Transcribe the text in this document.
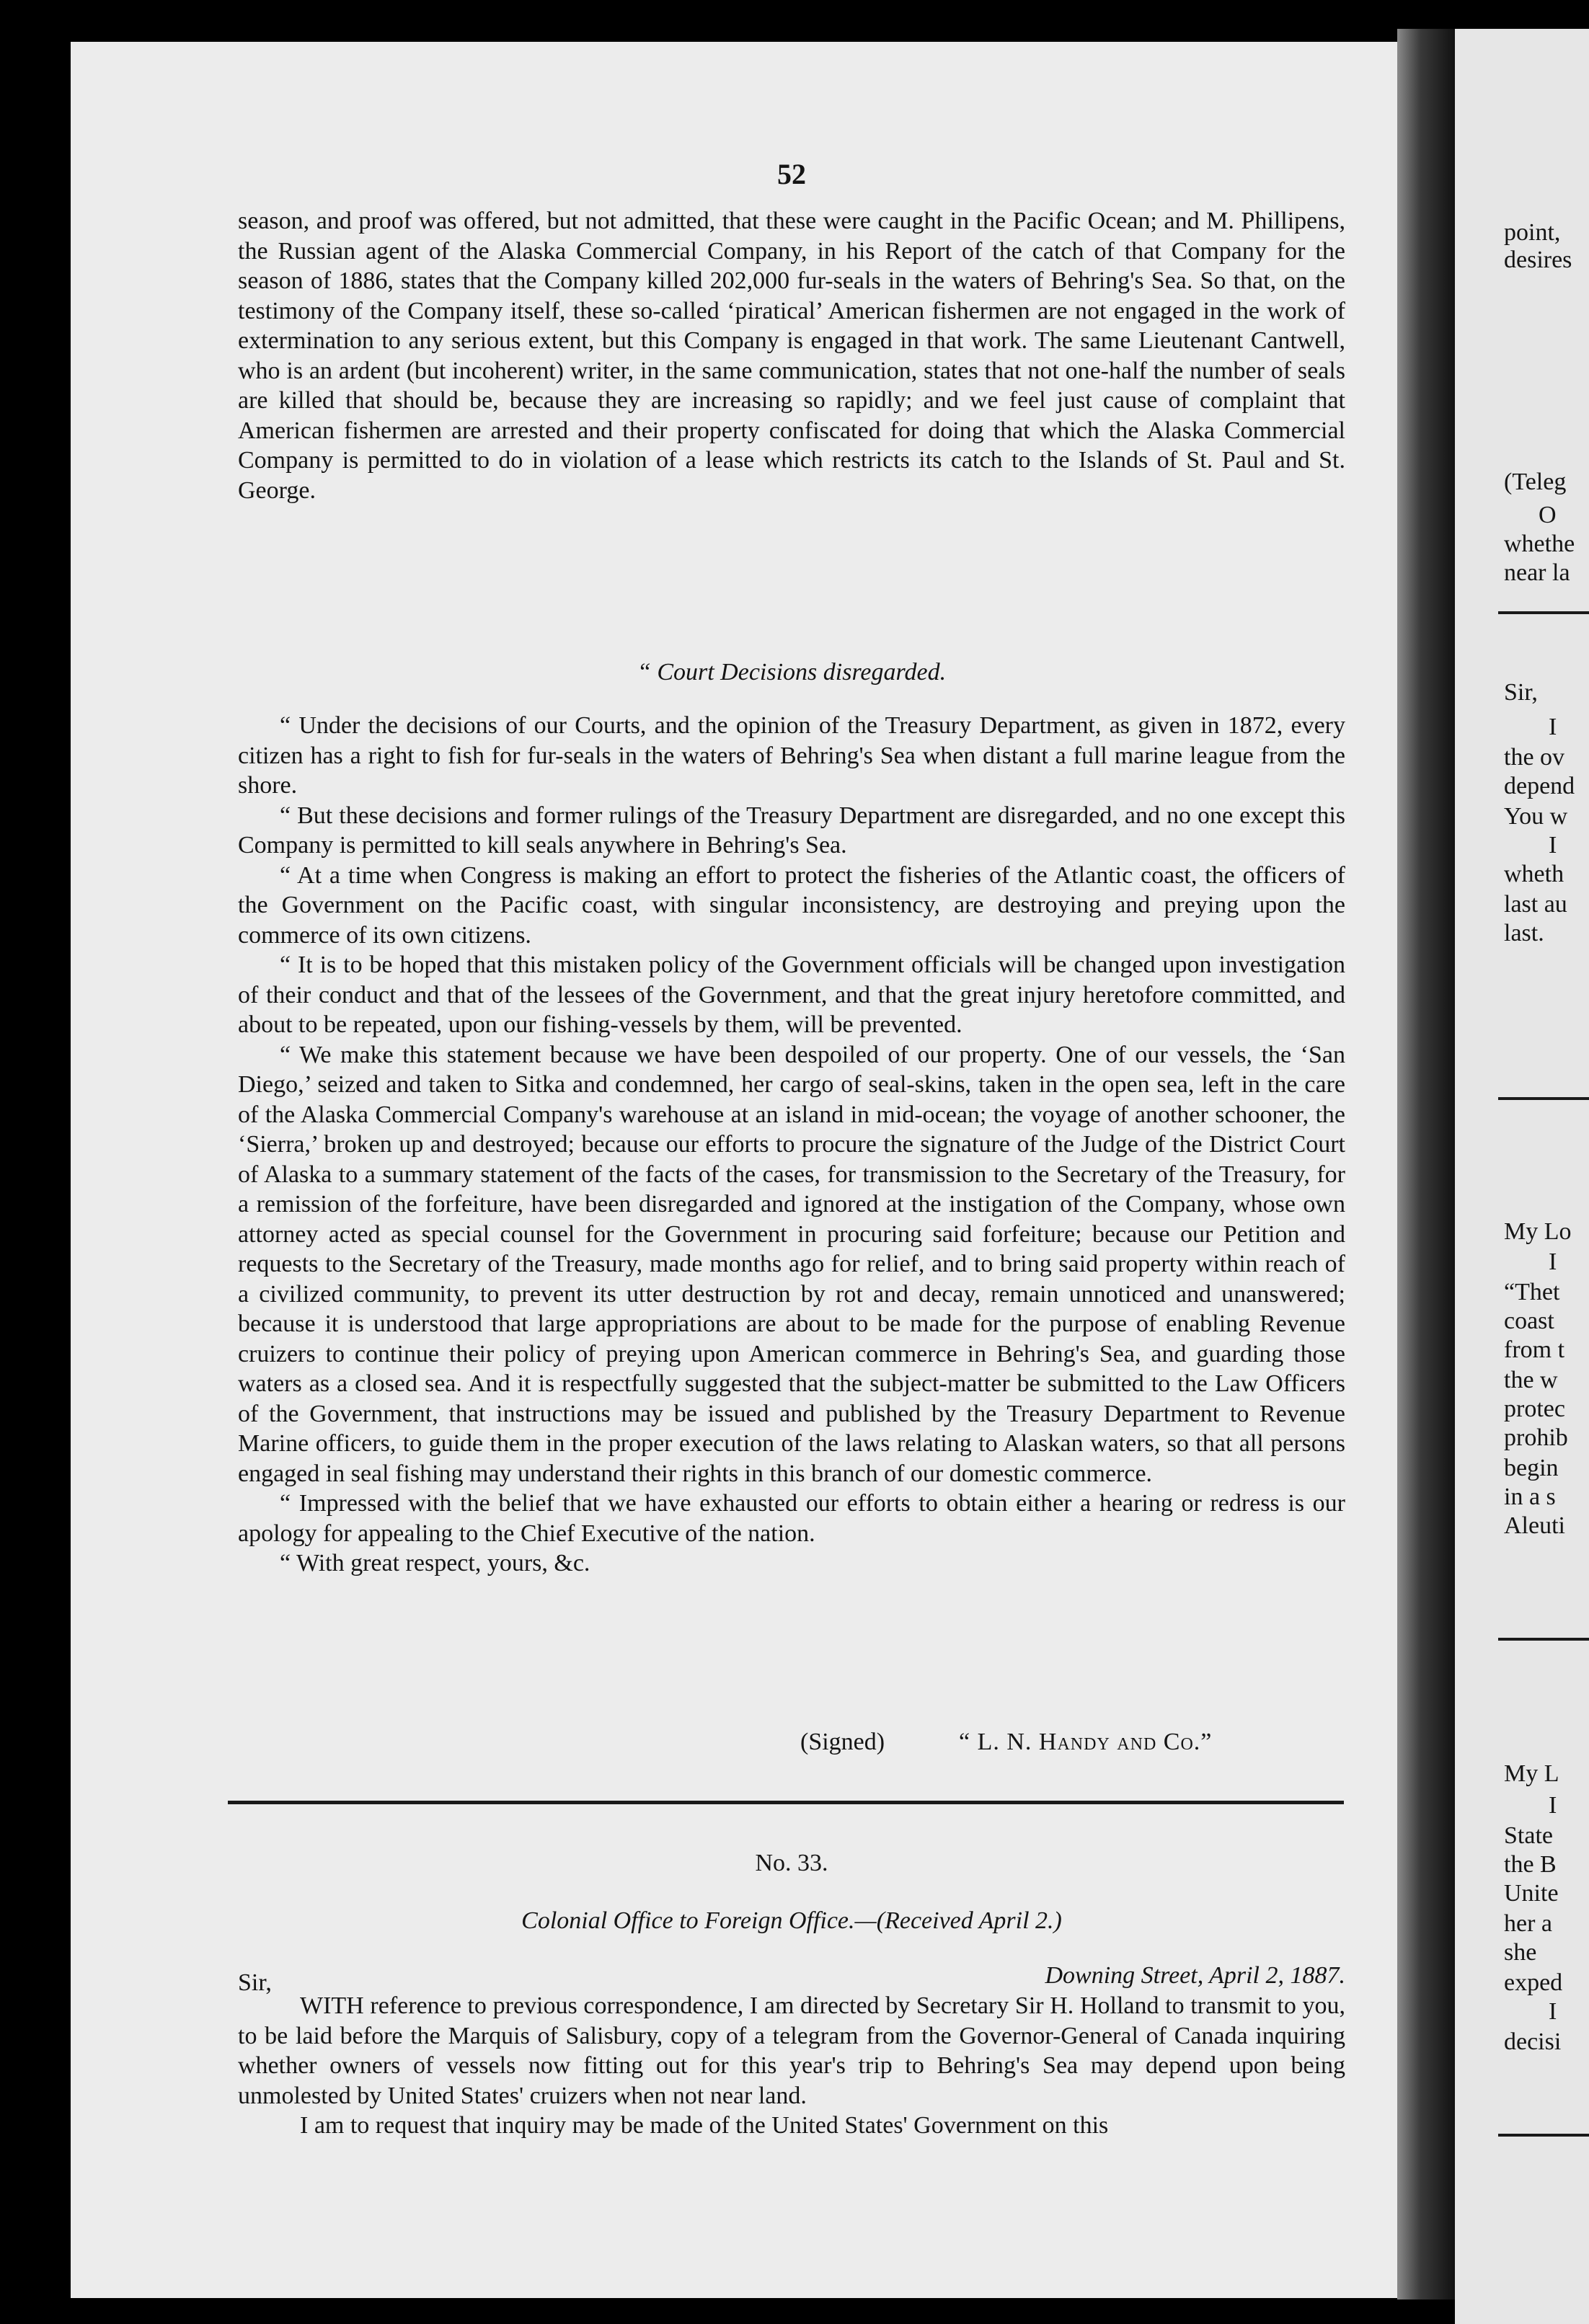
52

season, and proof was offered, but not admitted, that these were caught in the Pacific Ocean; and M. Phillipens, the Russian agent of the Alaska Commercial Company, in his Report of the catch of that Company for the season of 1886, states that the Company killed 202,000 fur-seals in the waters of Behring's Sea. So that, on the testimony of the Company itself, these so-called ‘piratical’ American fishermen are not engaged in the work of extermination to any serious extent, but this Company is engaged in that work. The same Lieutenant Cantwell, who is an ardent (but incoherent) writer, in the same communication, states that not one-half the number of seals are killed that should be, because they are increasing so rapidly; and we feel just cause of complaint that American fishermen are arrested and their property confiscated for doing that which the Alaska Commercial Company is permitted to do in violation of a lease which restricts its catch to the Islands of St. Paul and St. George.

“ Court Decisions disregarded.

“ Under the decisions of our Courts, and the opinion of the Treasury Department, as given in 1872, every citizen has a right to fish for fur-seals in the waters of Behring's Sea when distant a full marine league from the shore.

“ But these decisions and former rulings of the Treasury Department are disregarded, and no one except this Company is permitted to kill seals anywhere in Behring's Sea.

“ At a time when Congress is making an effort to protect the fisheries of the Atlantic coast, the officers of the Government on the Pacific coast, with singular inconsistency, are destroying and preying upon the commerce of its own citizens.

“ It is to be hoped that this mistaken policy of the Government officials will be changed upon investigation of their conduct and that of the lessees of the Government, and that the great injury heretofore committed, and about to be repeated, upon our fishing-vessels by them, will be prevented.

“ We make this statement because we have been despoiled of our property. One of our vessels, the ‘San Diego,’ seized and taken to Sitka and condemned, her cargo of seal-skins, taken in the open sea, left in the care of the Alaska Commercial Company's warehouse at an island in mid-ocean; the voyage of another schooner, the ‘Sierra,’ broken up and destroyed; because our efforts to procure the signature of the Judge of the District Court of Alaska to a summary statement of the facts of the cases, for transmission to the Secretary of the Treasury, for a remission of the forfeiture, have been disregarded and ignored at the instigation of the Company, whose own attorney acted as special counsel for the Government in procuring said forfeiture; because our Petition and requests to the Secretary of the Treasury, made months ago for relief, and to bring said property within reach of a civilized community, to prevent its utter destruction by rot and decay, remain unnoticed and unanswered; because it is understood that large appropriations are about to be made for the purpose of enabling Revenue cruizers to continue their policy of preying upon American commerce in Behring's Sea, and guarding those waters as a closed sea. And it is respectfully suggested that the subject-matter be submitted to the Law Officers of the Government, that instructions may be issued and published by the Treasury Department to Revenue Marine officers, to guide them in the proper execution of the laws relating to Alaskan waters, so that all persons engaged in seal fishing may understand their rights in this branch of our domestic commerce.

“ Impressed with the belief that we have exhausted our efforts to obtain either a hearing or redress is our apology for appealing to the Chief Executive of the nation.

“ With great respect, yours, &c.

(Signed)	“ L. N. Handy and Co.”
No. 33.
Colonial Office to Foreign Office.—(Received April 2.)
Sir,	Downing Street, April 2, 1887.

WITH reference to previous correspondence, I am directed by Secretary Sir H. Holland to transmit to you, to be laid before the Marquis of Salisbury, copy of a telegram from the Governor-General of Canada inquiring whether owners of vessels now fitting out for this year's trip to Behring's Sea may depend upon being unmolested by United States' cruizers when not near land.

I am to request that inquiry may be made of the United States' Government on this

point,
desires
(Teleg
O
whethe
near la
Sir,
I
the ov
depend
You w
I
wheth
last au
last.
My Lo
I
“Thet
coast
from t
the w
protec
prohib
begin
in a s
Aleuti
My L
I
State
the B
Unite
her a
she
exped
I
decisi
